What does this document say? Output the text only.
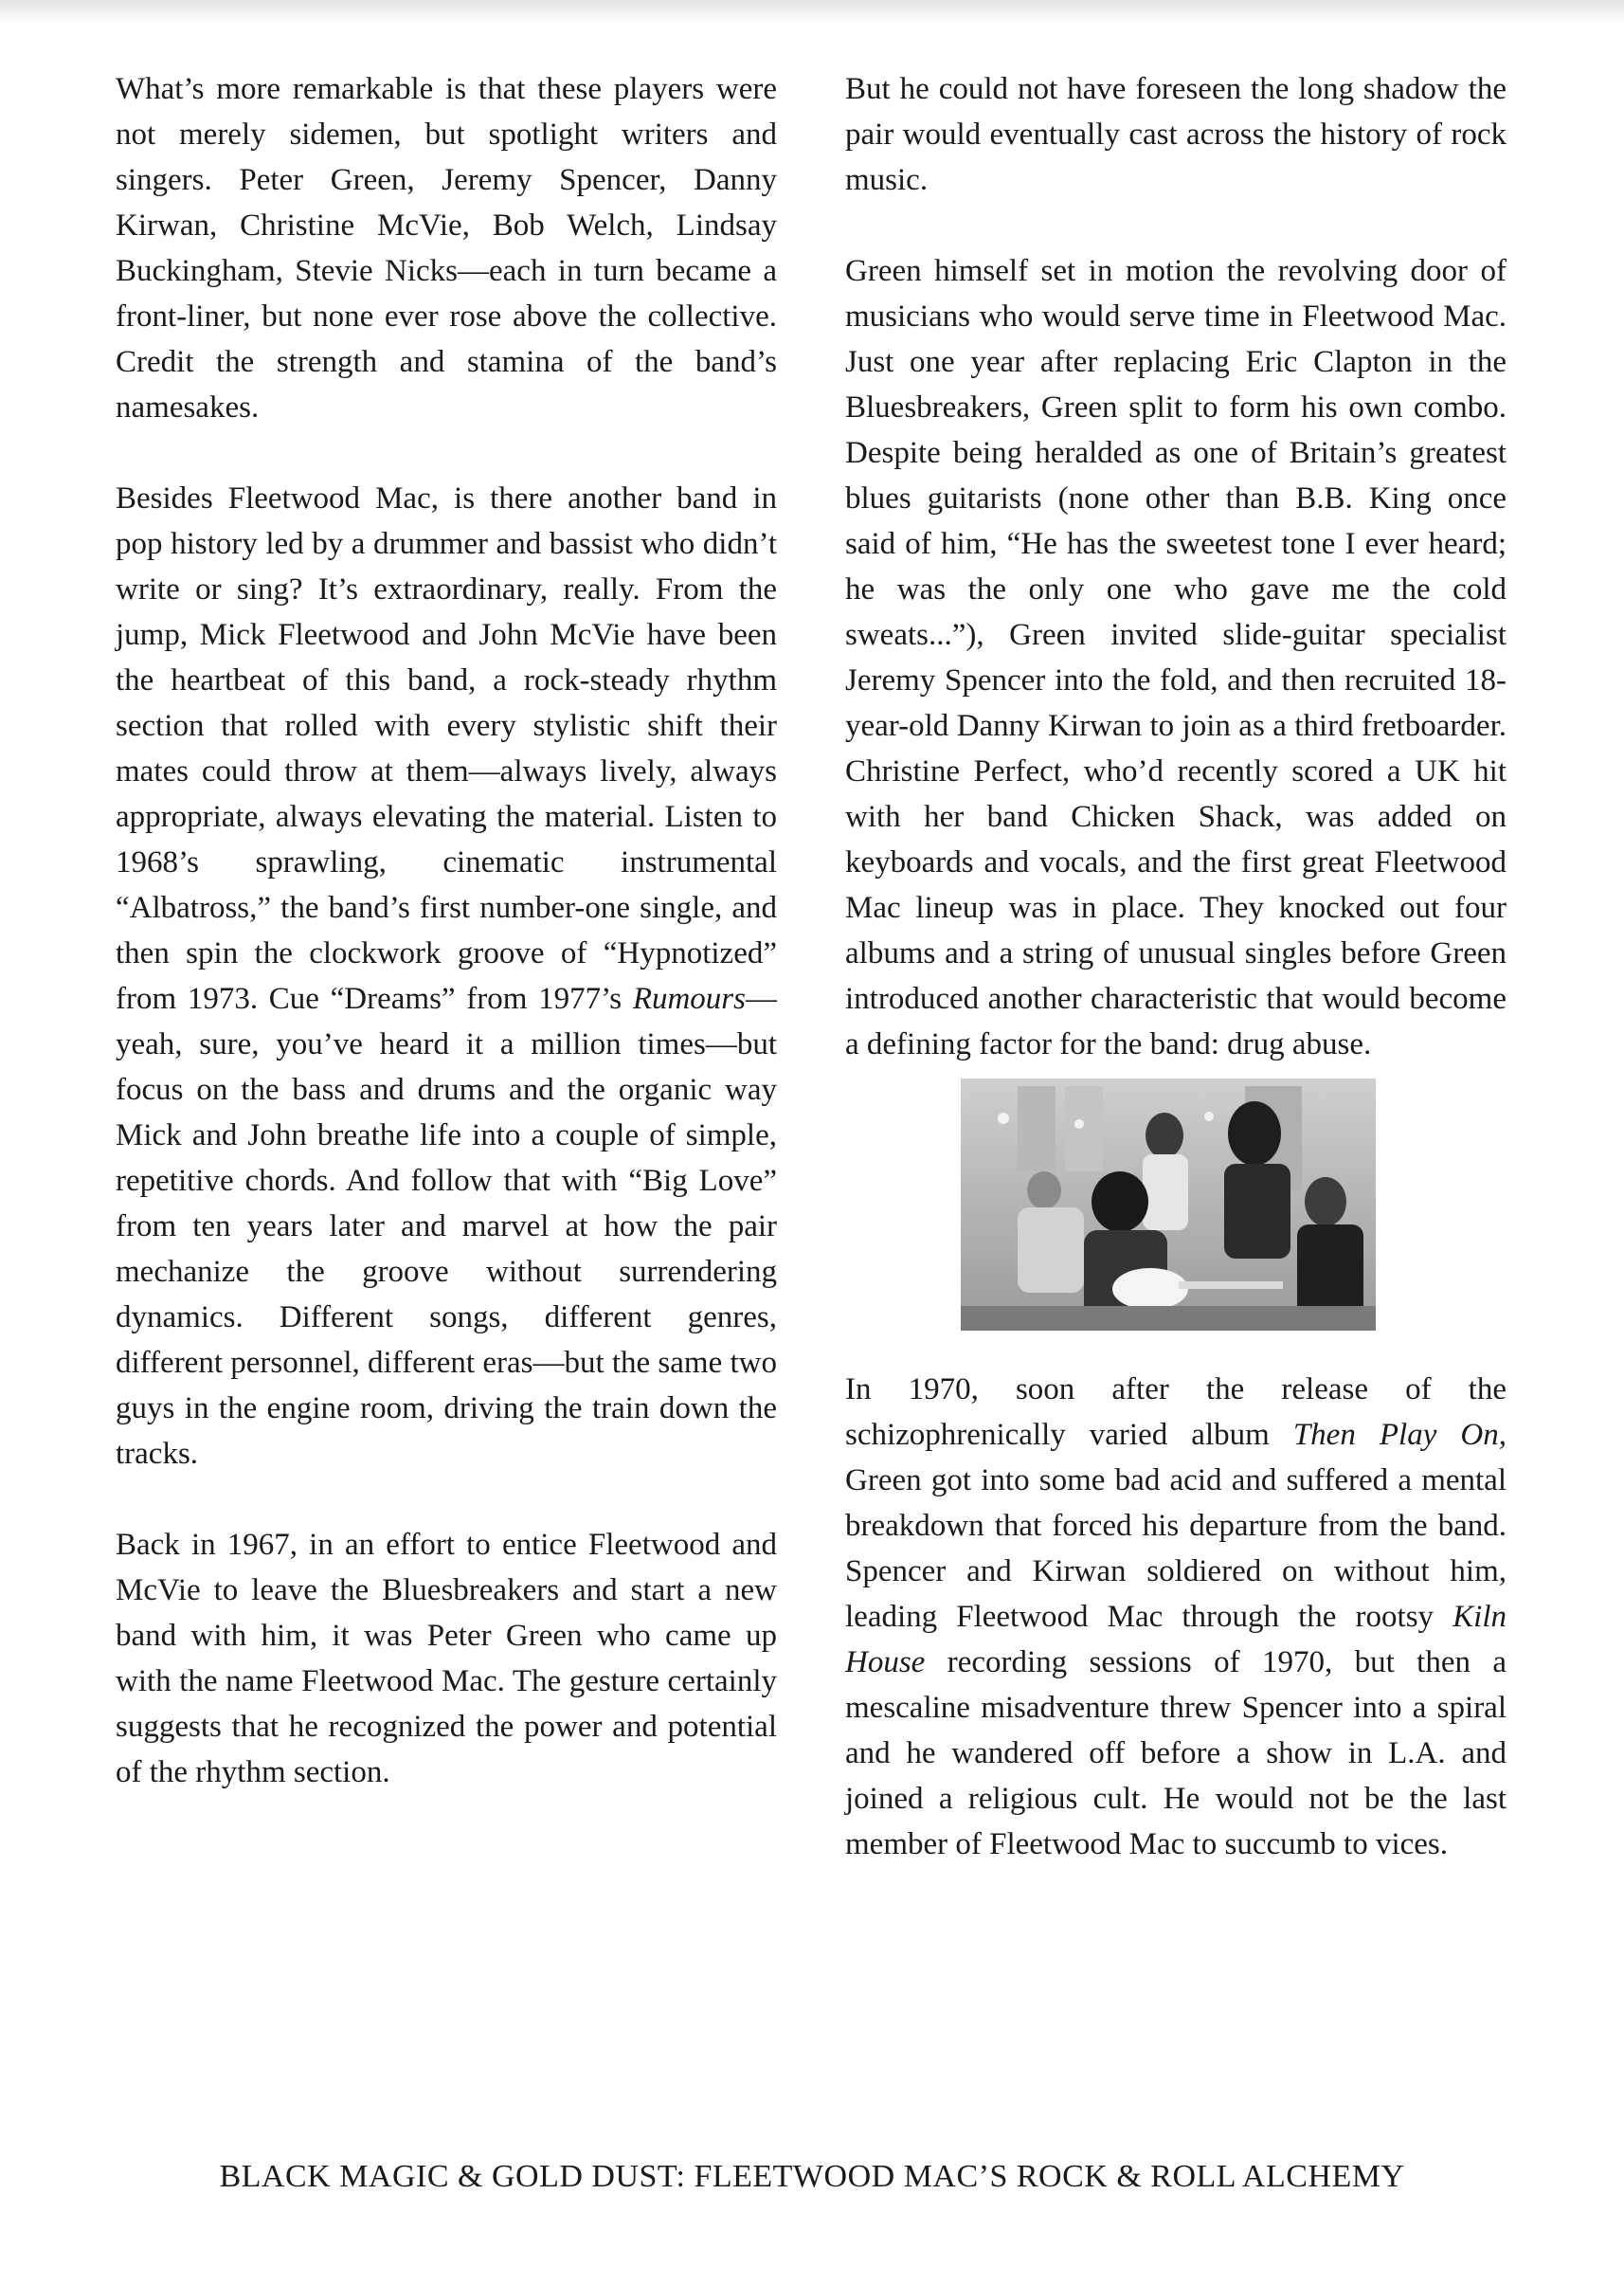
What’s more remarkable is that these players were not merely sidemen, but spotlight writers and singers. Peter Green, Jeremy Spencer, Danny Kirwan, Christine McVie, Bob Welch, Lindsay Buckingham, Stevie Nicks—each in turn became a front-liner, but none ever rose above the collective. Credit the strength and stamina of the band’s namesakes.

Besides Fleetwood Mac, is there another band in pop history led by a drummer and bassist who didn’t write or sing? It’s extraordinary, really. From the jump, Mick Fleetwood and John McVie have been the heartbeat of this band, a rock-steady rhythm section that rolled with every stylistic shift their mates could throw at them—always lively, always appropriate, always elevating the material. Listen to 1968’s sprawling, cinematic instrumental “Albatross,” the band’s first number-one single, and then spin the clockwork groove of “Hypnotized” from 1973. Cue “Dreams” from 1977’s Rumours—yeah, sure, you’ve heard it a million times—but focus on the bass and drums and the organic way Mick and John breathe life into a couple of simple, repetitive chords. And follow that with “Big Love” from ten years later and marvel at how the pair mechanize the groove without surrendering dynamics. Different songs, different genres, different personnel, different eras—but the same two guys in the engine room, driving the train down the tracks.

Back in 1967, in an effort to entice Fleetwood and McVie to leave the Bluesbreakers and start a new band with him, it was Peter Green who came up with the name Fleetwood Mac. The gesture certainly suggests that he recognized the power and potential of the rhythm section.

But he could not have foreseen the long shadow the pair would eventually cast across the history of rock music.

Green himself set in motion the revolving door of musicians who would serve time in Fleetwood Mac. Just one year after replacing Eric Clapton in the Bluesbreakers, Green split to form his own combo. Despite being heralded as one of Britain’s greatest blues guitarists (none other than B.B. King once said of him, “He has the sweetest tone I ever heard; he was the only one who gave me the cold sweats...”), Green invited slide-guitar specialist Jeremy Spencer into the fold, and then recruited 18-year-old Danny Kirwan to join as a third fretboarder. Christine Perfect, who’d recently scored a UK hit with her band Chicken Shack, was added on keyboards and vocals, and the first great Fleetwood Mac lineup was in place. They knocked out four albums and a string of unusual singles before Green introduced another characteristic that would become a defining factor for the band: drug abuse.

In 1970, soon after the release of the schizophrenically varied album Then Play On, Green got into some bad acid and suffered a mental breakdown that forced his departure from the band. Spencer and Kirwan soldiered on without him, leading Fleetwood Mac through the rootsy Kiln House recording sessions of 1970, but then a mescaline misadventure threw Spencer into a spiral and he wandered off before a show in L.A. and joined a religious cult. He would not be the last member of Fleetwood Mac to succumb to vices.

BLACK MAGIC & GOLD DUST: FLEETWOOD MAC’S ROCK & ROLL ALCHEMY
